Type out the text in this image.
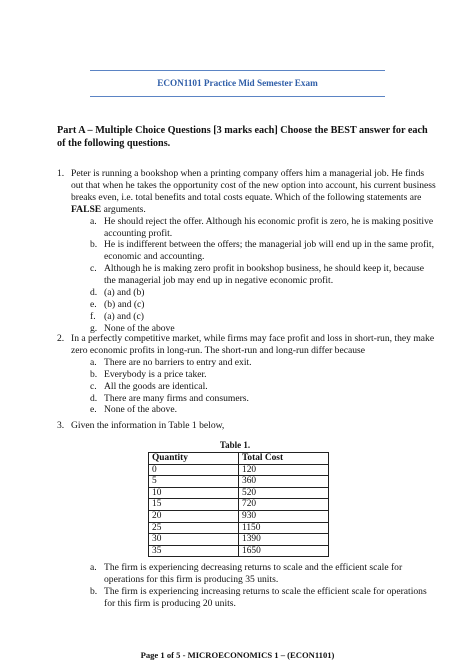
ECON1101 Practice Mid Semester Exam
Part A – Multiple Choice Questions [3 marks each] Choose the BEST answer for each of the following questions.
1. Peter is running a bookshop when a printing company offers him a managerial job. He finds out that when he takes the opportunity cost of the new option into account, his current business breaks even, i.e. total benefits and total costs equate. Which of the following statements are FALSE arguments.
a. He should reject the offer. Although his economic profit is zero, he is making positive accounting profit.
b. He is indifferent between the offers; the managerial job will end up in the same profit, economic and accounting.
c. Although he is making zero profit in bookshop business, he should keep it, because the managerial job may end up in negative economic profit.
d. (a) and (b)
e. (b) and (c)
f. (a) and (c)
g. None of the above
2. In a perfectly competitive market, while firms may face profit and loss in short-run, they make zero economic profits in long-run. The short-run and long-run differ because
a. There are no barriers to entry and exit.
b. Everybody is a price taker.
c. All the goods are identical.
d. There are many firms and consumers.
e. None of the above.
3. Given the information in Table 1 below,
Table 1.
Quantity	Total Cost
0	120
5	360
10	520
15	720
20	930
25	1150
30	1390
35	1650
a. The firm is experiencing decreasing returns to scale and the efficient scale for operations for this firm is producing 35 units.
b. The firm is experiencing increasing returns to scale the efficient scale for operations for this firm is producing 20 units.
Page 1 of 5 - MICROECONOMICS 1 – (ECON1101)
